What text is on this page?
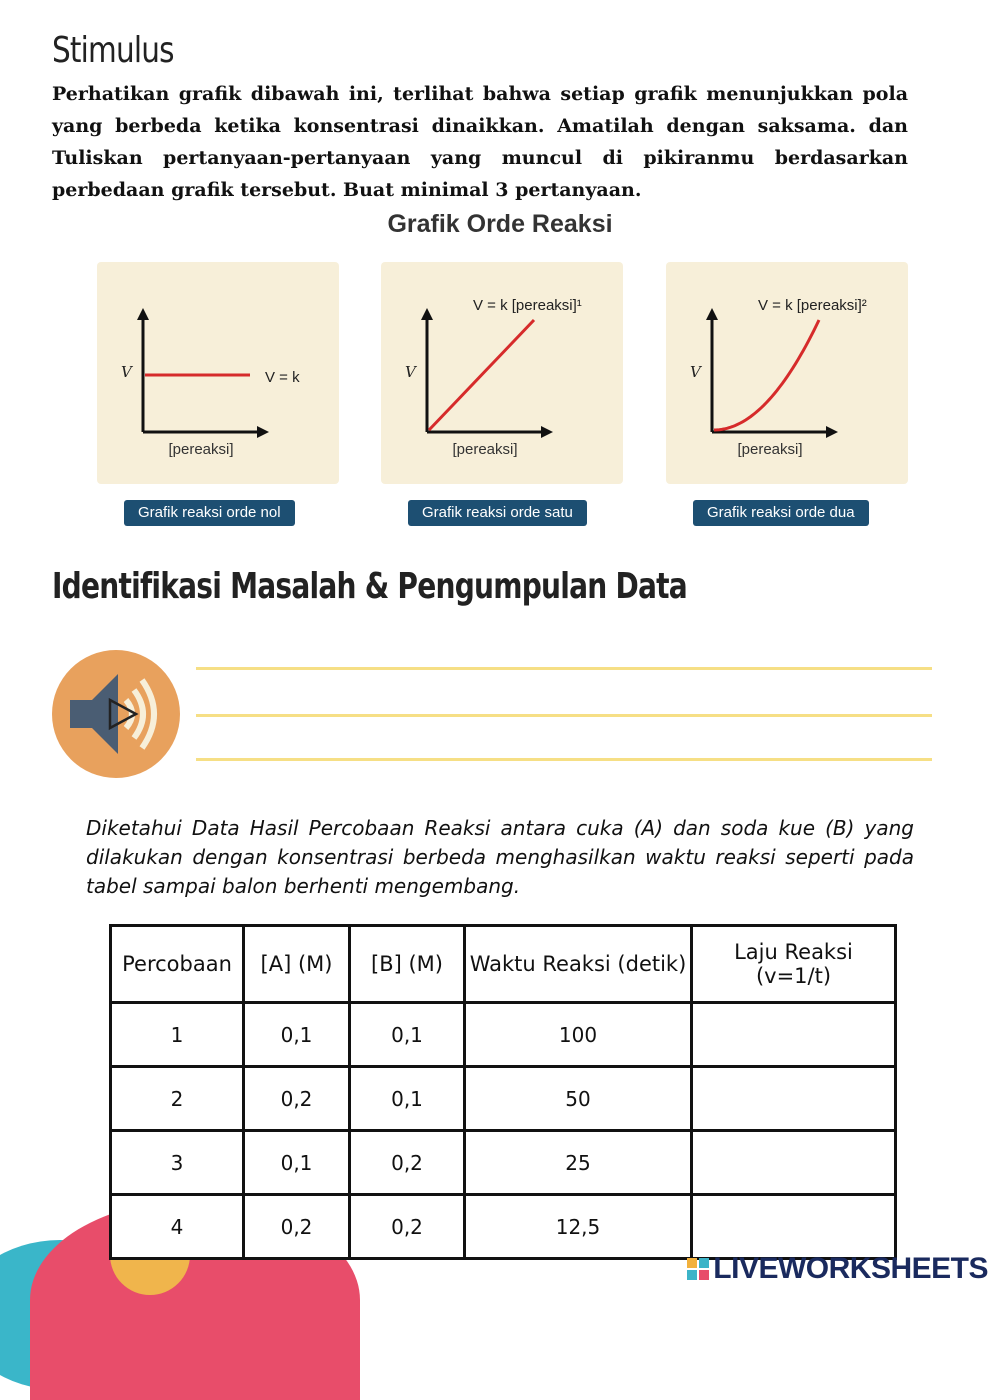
Stimulus

Perhatikan grafik dibawah ini, terlihat bahwa setiap grafik menunjukkan pola yang berbeda ketika konsentrasi dinaikkan. Amatilah dengan saksama. dan Tuliskan pertanyaan-pertanyaan yang muncul di pikiranmu berdasarkan perbedaan grafik tersebut. Buat minimal 3 pertanyaan.

Grafik Orde Reaksi
V
[pereaksi]
V = k	V
[pereaksi]
V = k [pereaksi]¹
V
[pereaksi]
V = k [pereaksi]²
Grafik reaksi orde nol	Grafik reaksi orde satu	Grafik reaksi orde dua
Identifikasi Masalah & Pengumpulan Data

Diketahui Data Hasil Percobaan Reaksi antara cuka (A) dan soda kue (B) yang dilakukan dengan konsentrasi berbeda menghasilkan waktu reaksi seperti pada tabel sampai balon berhenti mengembang.

Percobaan	[A] (M)	[B] (M)	Waktu Reaksi (detik)	Laju Reaksi (v=1/t)
1	0,1	0,1	100	
2	0,2	0,1	50	
3	0,1	0,2	25	
4	0,2	0,2	12,5	
LIVEWORKSHEETS
